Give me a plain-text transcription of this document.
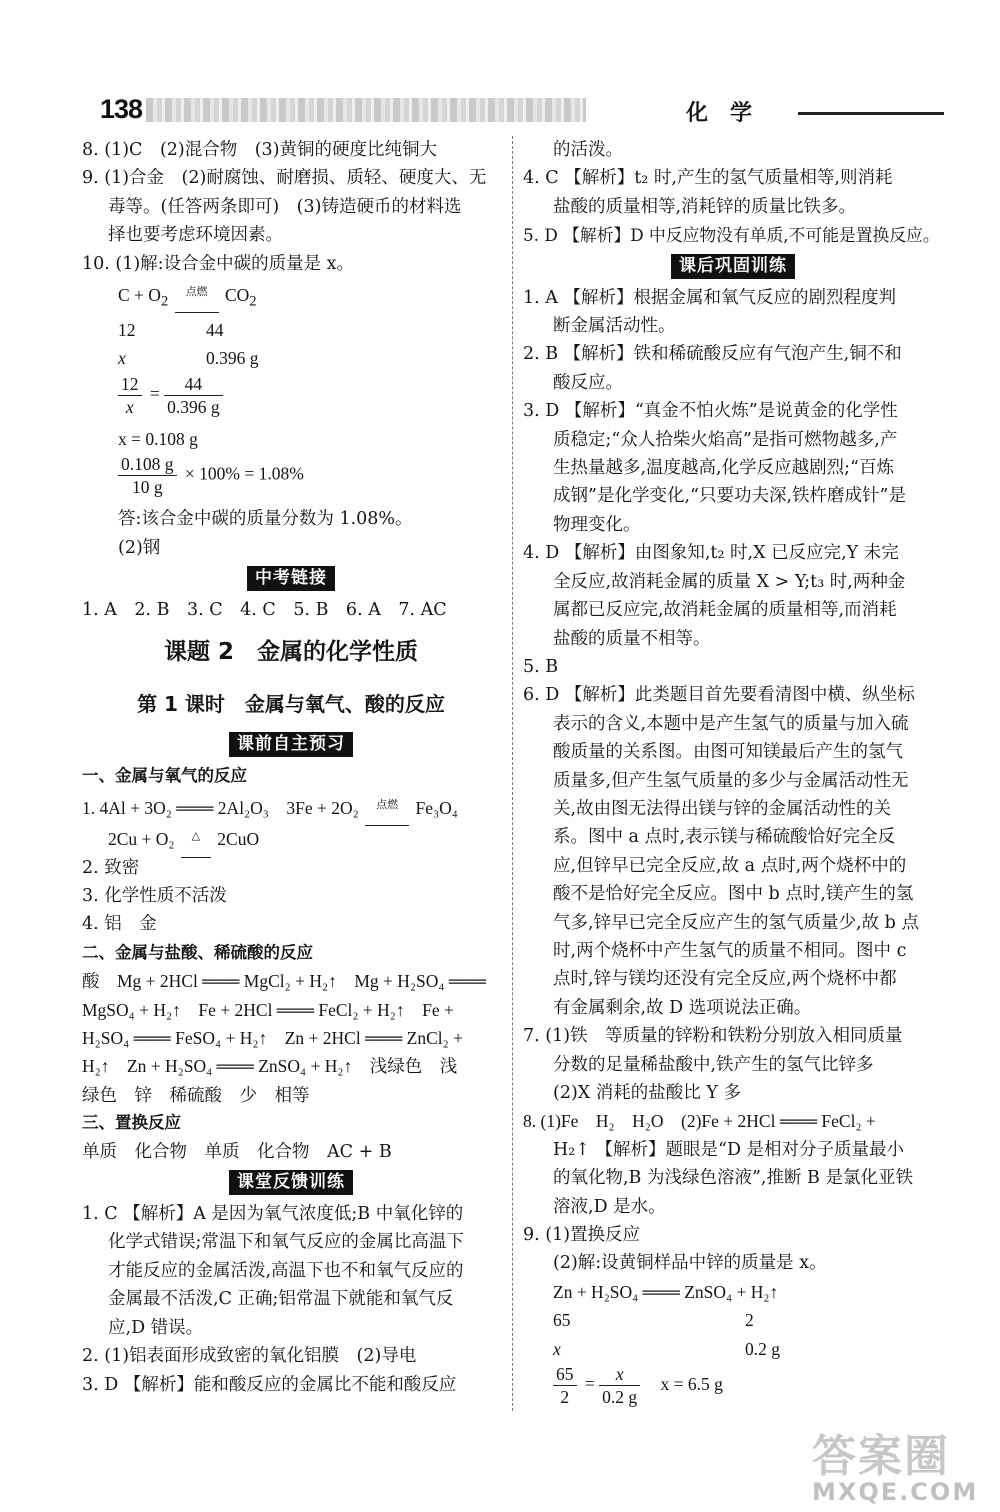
138	化学
8. (1)C　(2)混合物　(3)黄铜的硬度比纯铜大
9. (1)合金　(2)耐腐蚀、耐磨损、质轻、硬度大、无
毒等。(任答两条即可)　(3)铸造硬币的材料选
择也要考虑环境因素。
10. (1)解:设合金中碳的质量是 x。
$C + O_2$ 点燃 $CO_2$
12	44
x	0.396 g
$\frac{12}{x} = \frac{44}{0.396 g}$
x = 0.108 g
$\frac{0.108 g}{10 g} \times 100\% = 1.08\%$
答:该合金中碳的质量分数为 1.08%。
(2)钢
中考链接
1. A　2. B　3. C　4. C　5. B　6. A　7. AC
课题 2　金属的化学性质
第 1 课时　金属与氧气、酸的反应
课前自主预习
一、金属与氧气的反应
1. 4Al + 3O₂ ═══ 2Al₂O₃　3Fe + 2O₂ 点燃 Fe₃O₄
2Cu + O₂ △ 2CuO
2. 致密
3. 化学性质不活泼
4. 铝　金
二、金属与盐酸、稀硫酸的反应
酸　Mg + 2HCl ═══ MgCl₂ + H₂↑　Mg + H₂SO₄ ═══
MgSO₄ + H₂↑　Fe + 2HCl ═══ FeCl₂ + H₂↑　Fe +
H₂SO₄ ═══ FeSO₄ + H₂↑　Zn + 2HCl ═══ ZnCl₂ +
H₂↑　Zn + H₂SO₄ ═══ ZnSO₄ + H₂↑　浅绿色　浅
绿色　锌　稀硫酸　少　相等
三、置换反应
单质　化合物　单质　化合物　AC + B
课堂反馈训练
1. C 【解析】A 是因为氧气浓度低;B 中氧化锌的
化学式错误;常温下和氧气反应的金属比高温下
才能反应的金属活泼,高温下也不和氧气反应的
金属最不活泼,C 正确;铝常温下就能和氧气反
应,D 错误。
2. (1)铝表面形成致密的氧化铝膜　(2)导电
3. D 【解析】能和酸反应的金属比不能和酸反应
的活泼。
4. C 【解析】t₂ 时,产生的氢气质量相等,则消耗
盐酸的质量相等,消耗锌的质量比铁多。
5. D 【解析】D 中反应物没有单质,不可能是置换反应。
课后巩固训练
1. A 【解析】根据金属和氧气反应的剧烈程度判
断金属活动性。
2. B 【解析】铁和稀硫酸反应有气泡产生,铜不和
酸反应。
3. D 【解析】“真金不怕火炼”是说黄金的化学性
质稳定;“众人拾柴火焰高”是指可燃物越多,产
生热量越多,温度越高,化学反应越剧烈;“百炼
成钢”是化学变化,“只要功夫深,铁杵磨成针”是
物理变化。
4. D 【解析】由图象知,t₂ 时,X 已反应完,Y 未完
全反应,故消耗金属的质量 X > Y;t₃ 时,两种金
属都已反应完,故消耗金属的质量相等,而消耗
盐酸的质量不相等。
5. B
6. D 【解析】此类题目首先要看清图中横、纵坐标
表示的含义,本题中是产生氢气的质量与加入硫
酸质量的关系图。由图可知镁最后产生的氢气
质量多,但产生氢气质量的多少与金属活动性无
关,故由图无法得出镁与锌的金属活动性的关
系。图中 a 点时,表示镁与稀硫酸恰好完全反
应,但锌早已完全反应,故 a 点时,两个烧杯中的
酸不是恰好完全反应。图中 b 点时,镁产生的氢
气多,锌早已完全反应产生的氢气质量少,故 b 点
时,两个烧杯中产生氢气的质量不相同。图中 c
点时,锌与镁均还没有完全反应,两个烧杯中都
有金属剩余,故 D 选项说法正确。
7. (1)铁　等质量的锌粉和铁粉分别放入相同质量
分数的足量稀盐酸中,铁产生的氢气比锌多
(2)X 消耗的盐酸比 Y 多
8. (1)Fe　H₂　H₂O　(2)Fe + 2HCl ═══ FeCl₂ +
H₂↑ 【解析】题眼是“D 是相对分子质量最小
的氧化物,B 为浅绿色溶液”,推断 B 是氯化亚铁
溶液,D 是水。
9. (1)置换反应
(2)解:设黄铜样品中锌的质量是 x。
Zn + H₂SO₄ ═══ ZnSO₄ + H₂↑
65	2
x	0.2 g
$\frac{65}{2} = \frac{x}{0.2 g}$ x = 6.5 g
答案圈
MXQE.COM
